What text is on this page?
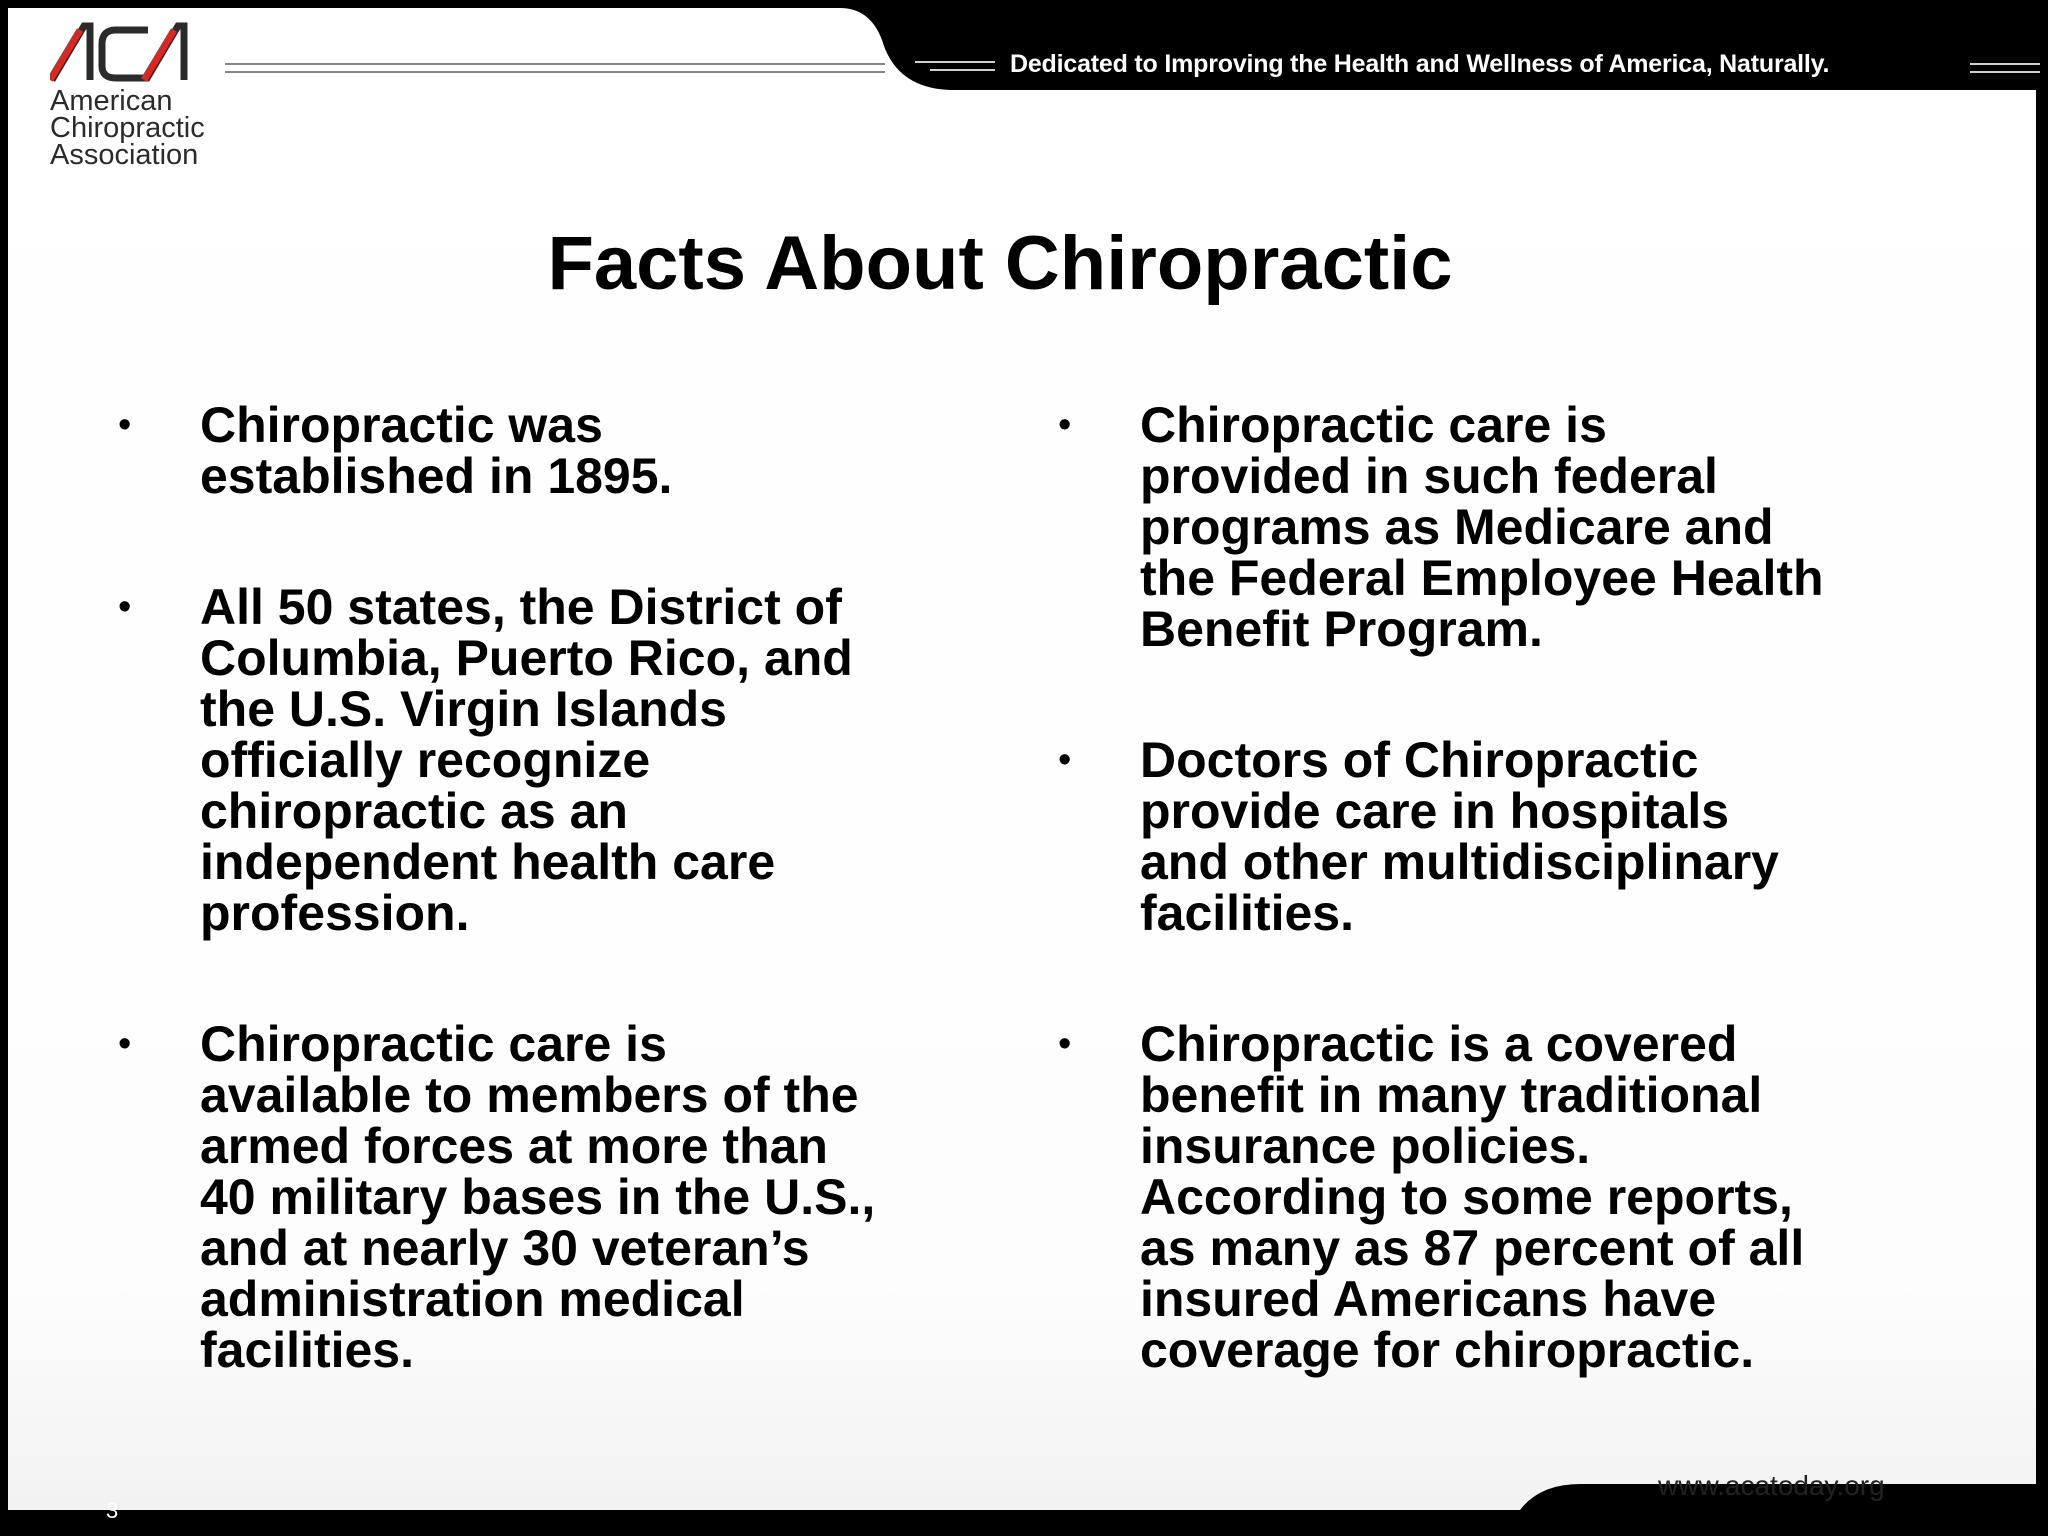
American
Chiropractic
Association
Dedicated to Improving the Health and Wellness of America, Naturally.
Facts About Chiropractic
• Chiropractic was
established in 1895.
• All 50 states, the District of
Columbia, Puerto Rico, and
the U.S. Virgin Islands
officially recognize
chiropractic as an
independent health care
profession.
• Chiropractic care is
available to members of the
armed forces at more than
40 military bases in the U.S.,
and at nearly 30 veteran’s
administration medical
facilities.
• Chiropractic care is
provided in such federal
programs as Medicare and
the Federal Employee Health
Benefit Program.
• Doctors of Chiropractic
provide care in hospitals
and other multidisciplinary
facilities.
• Chiropractic is a covered
benefit in many traditional
insurance policies.
According to some reports,
as many as 87 percent of all
insured Americans have
coverage for chiropractic.
www.acatoday.org
3
